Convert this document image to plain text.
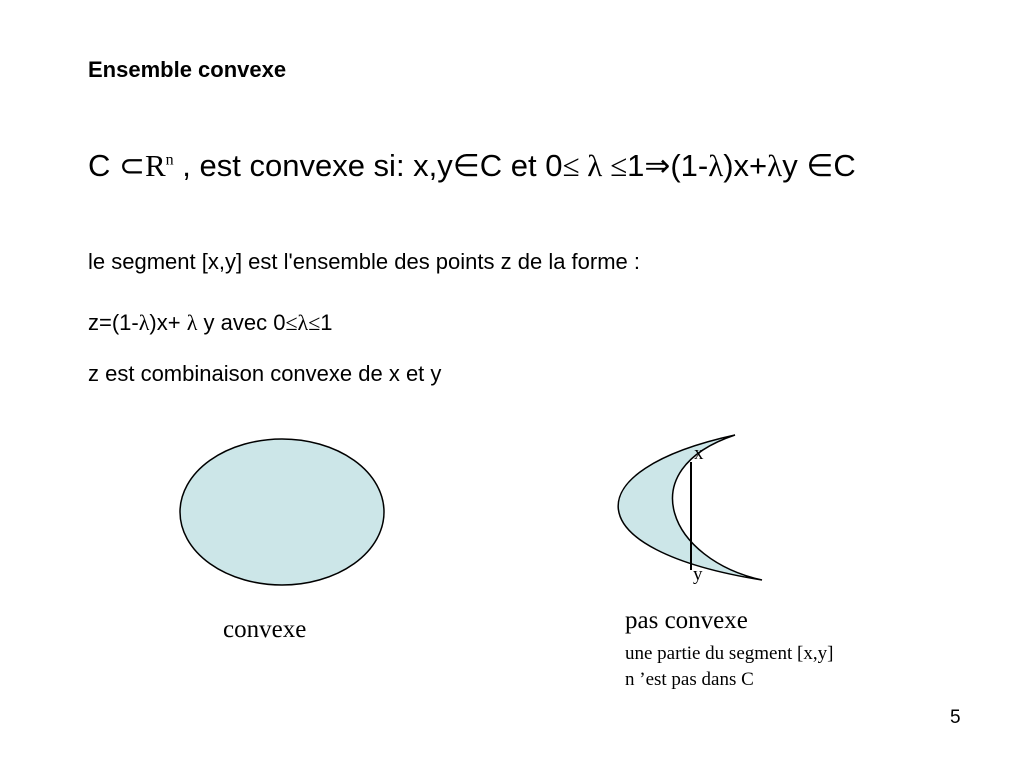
Ensemble convexe
C $\subset R^n$ , est convexe si: x,y∈C et 0≤ λ ≤1⇒(1-λ)x+λy ∈C
le segment [x,y] est l'ensemble des points z de la forme :
z=(1-λ)x+ λ y avec 0≤λ≤1
z est combinaison convexe de x et y
x
y
convexe	pas convexe
une partie du segment [x,y]
n ’est pas dans C
5
